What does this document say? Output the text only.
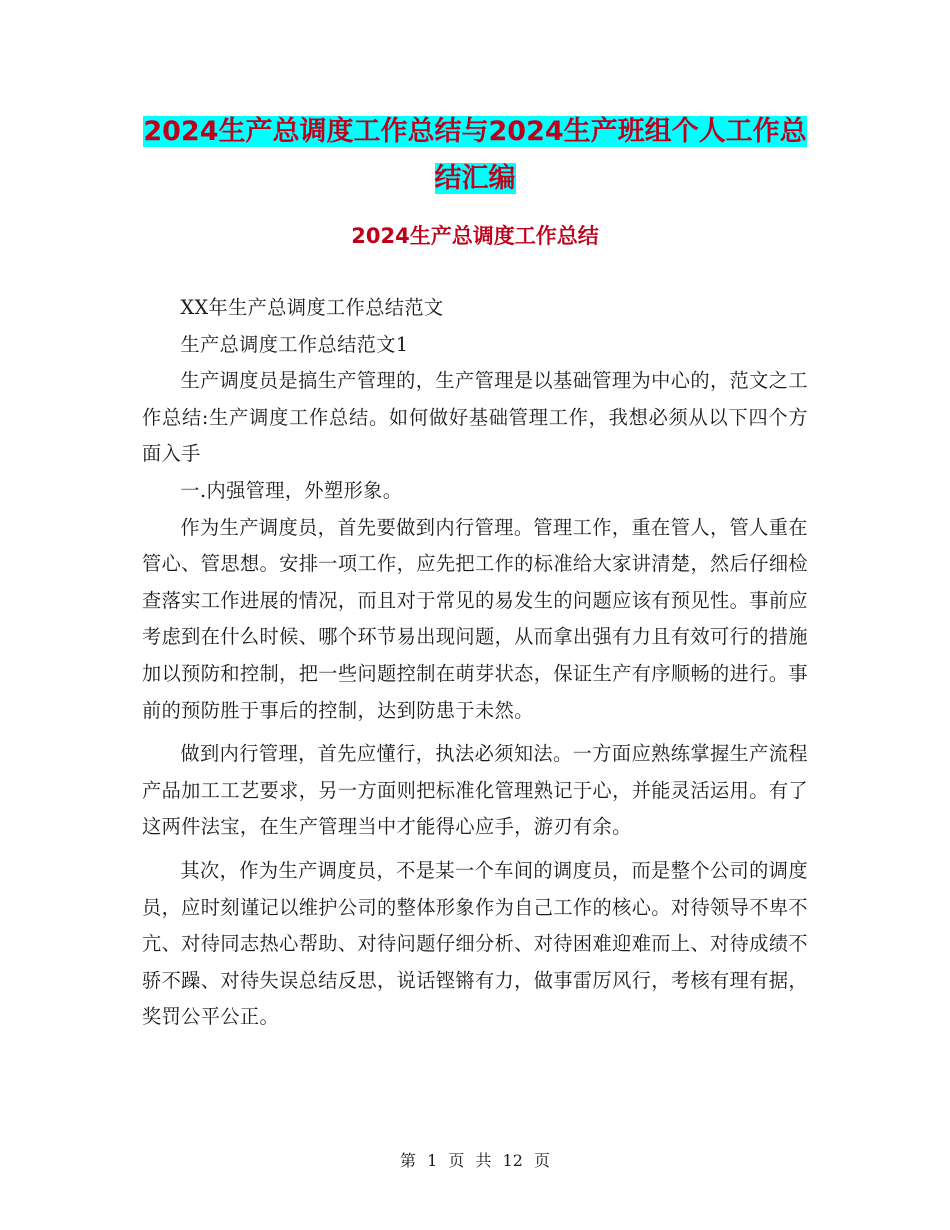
2024生产总调度工作总结与2024生产班组个人工作总结汇编
2024生产总调度工作总结

XX年生产总调度工作总结范文

生产总调度工作总结范文1

生产调度员是搞生产管理的，生产管理是以基础管理为中心的，范文之工作总结:生产调度工作总结。如何做好基础管理工作，我想必须从以下四个方面入手

一.内强管理，外塑形象。

作为生产调度员，首先要做到内行管理。管理工作，重在管人，管人重在管心、管思想。安排一项工作，应先把工作的标准给大家讲清楚，然后仔细检查落实工作进展的情况，而且对于常见的易发生的问题应该有预见性。事前应考虑到在什么时候、哪个环节易出现问题，从而拿出强有力且有效可行的措施加以预防和控制，把一些问题控制在萌芽状态，保证生产有序顺畅的进行。事前的预防胜于事后的控制，达到防患于未然。

做到内行管理，首先应懂行，执法必须知法。一方面应熟练掌握生产流程产品加工工艺要求，另一方面则把标准化管理熟记于心，并能灵活运用。有了这两件法宝，在生产管理当中才能得心应手，游刃有余。

其次，作为生产调度员，不是某一个车间的调度员，而是整个公司的调度员，应时刻谨记以维护公司的整体形象作为自己工作的核心。对待领导不卑不亢、对待同志热心帮助、对待问题仔细分析、对待困难迎难而上、对待成绩不骄不躁、对待失误总结反思，说话铿锵有力，做事雷厉风行，考核有理有据，奖罚公平公正。

第 1 页 共 12 页
